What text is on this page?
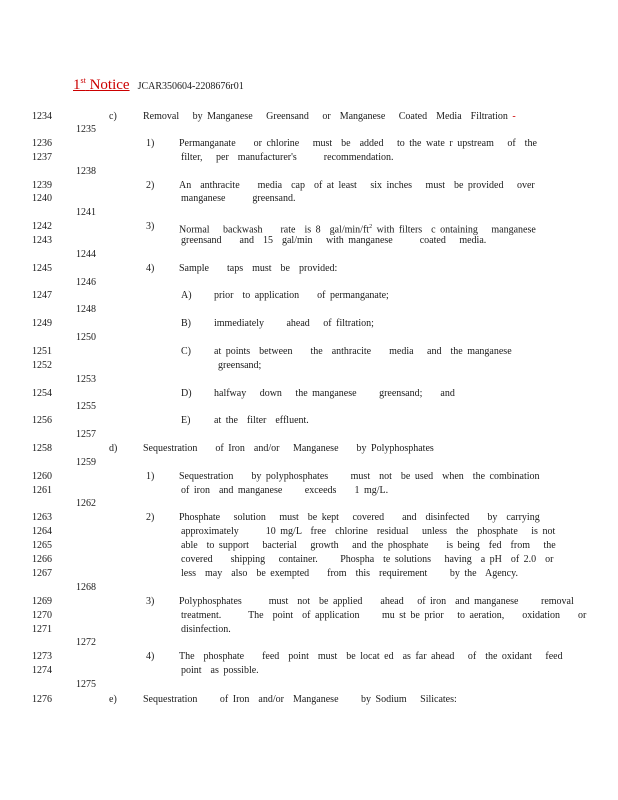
1st Notice JCAR350604-2208676r01
1234
1235
1236
1237
1238
1239
1240
1241
1242
1243
1244
1245
1246
1247
1248
1249
1250
1251
1252
1253
1254
1255
1256
1257
1258
1259
1260
1261
1262
1263
1264
1265
1266
1267
1268
1269
1270
1271
1272
1273
1274
1275
1276
c)	Removal   by Manganese   Greensand   or  Manganese   Coated  Media  Filtration -
1) Permanganate    or chlorine   must  be  added   to the wate r upstream   of  the
filter,   per  manufacturer's      recommendation.
2) An  anthracite    media  cap  of at least   six inches   must  be provided   over
manganese      greensand.
3) Normal   backwash    rate  is 8  gal/$\min/ft^2$ with filters  c ontaining   manganese
greensand    and  15  gal/min   with manganese      coated   media.
4) Sample    taps  must  be  provided:
A) prior  to application    of permanganate;
B) immediately     ahead   of filtration;
C) at points  between    the  anthracite    media   and  the manganese
greensand;
D) halfway   down   the manganese     greensand;    and
E) at the  filter  effluent.
d)	Sequestration    of Iron  and/or   Manganese    by Polyphosphates
1) Sequestration    by polyphosphates     must  not  be used  when  the combination
of iron  and manganese     exceeds    1 mg/L.
2) Phosphate   solution   must  be kept   covered    and  disinfected    by  carrying
approximately      10 mg/L  free  chlorine  residual   unless  the  phosphate   is not
able  to support   bacterial   growth   and the phosphate    is being  fed  from   the
covered    shipping   container.     Phospha  te solutions   having  a pH  of 2.0  or
less  may  also  be exempted    from  this  requirement     by the  Agency.
3) Polyphosphates      must  not  be applied    ahead   of iron  and manganese     removal
treatment.      The  point  of application     mu st be prior   to aeration,    oxidation    or
disinfection.
4) The  phosphate    feed  point  must  be locat ed  as far ahead   of  the oxidant   feed
point  as possible.
e)	Sequestration     of Iron  and/or  Manganese     by Sodium   Silicates:
